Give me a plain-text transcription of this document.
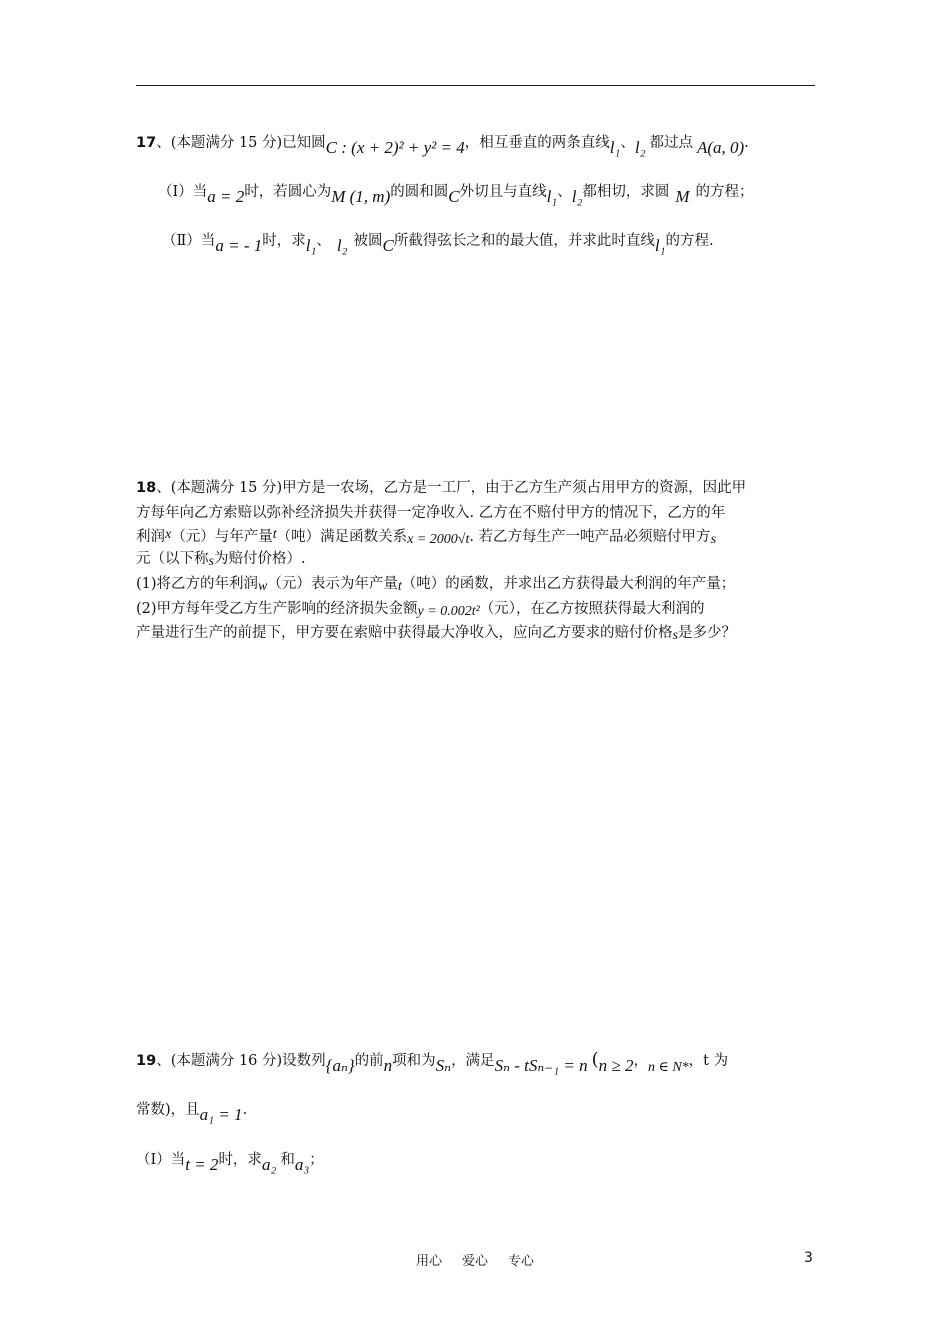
17、(本题满分 15 分)已知圆C : (x + 2)² + y² = 4，相互垂直的两条直线l₁、l₂ 都过点 A(a, 0).
（Ⅰ）当a = 2时，若圆心为M (1, m)的圆和圆C外切且与直线l₁、l₂都相切，求圆 M 的方程；
（Ⅱ）当a = - 1时，求l₁、 l₂ 被圆C所截得弦长之和的最大值，并求此时直线l₁的方程.
18、(本题满分 15 分)甲方是一农场，乙方是一工厂，由于乙方生产须占用甲方的资源，因此甲
方每年向乙方索赔以弥补经济损失并获得一定净收入. 乙方在不赔付甲方的情况下，乙方的年
利润x（元）与年产量t（吨）满足函数关系x = 2000√t. 若乙方每生产一吨产品必须赔付甲方s
元（以下称s为赔付价格）.
(1)将乙方的年利润w（元）表示为年产量t（吨）的函数，并求出乙方获得最大利润的年产量；
(2)甲方每年受乙方生产影响的经济损失金额y = 0.002t²（元），在乙方按照获得最大利润的
产量进行生产的前提下，甲方要在索赔中获得最大净收入，应向乙方要求的赔付价格s是多少？
19、(本题满分 16 分)设数列{aₙ}的前n项和为Sₙ，满足Sₙ - tSₙ₋₁ = n (n ≥ 2，n ∈ N*，t 为
常数)，且a₁ = 1.
（Ⅰ）当t = 2时，求a₂ 和a₃；
用心 爱心 专心	3
